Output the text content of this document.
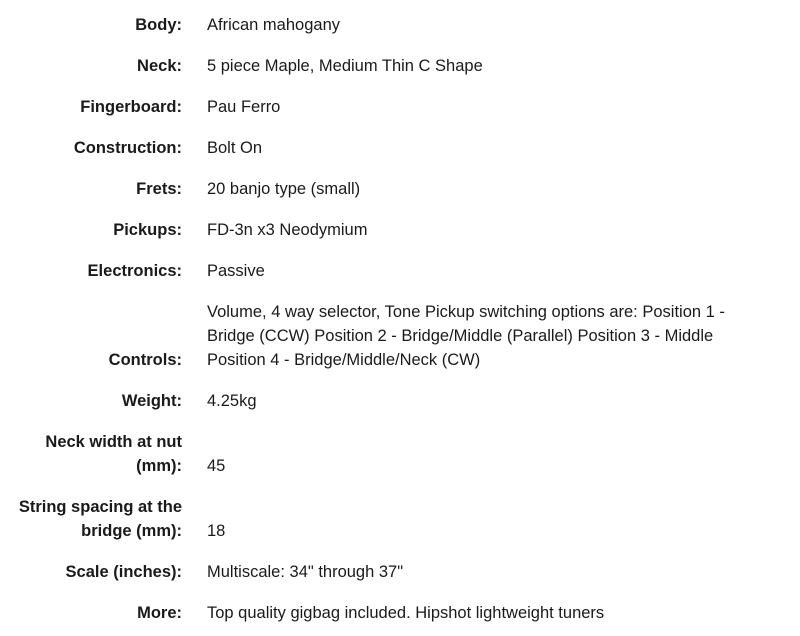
Body:	African mahogany
Neck:	5 piece Maple, Medium Thin C Shape
Fingerboard:	Pau Ferro
Construction:	Bolt On
Frets:	20 banjo type (small)
Pickups:	FD-3n x3 Neodymium
Electronics:	Passive
Controls:	Volume, 4 way selector, Tone Pickup switching options are: Position 1 - Bridge (CCW) Position 2 - Bridge/Middle (Parallel) Position 3 - Middle Position 4 - Bridge/Middle/Neck (CW)
Weight:	4.25kg
Neck width at nut (mm):	45
String spacing at the bridge (mm):	18
Scale (inches):	Multiscale: 34" through 37"
More:	Top quality gigbag included. Hipshot lightweight tuners
